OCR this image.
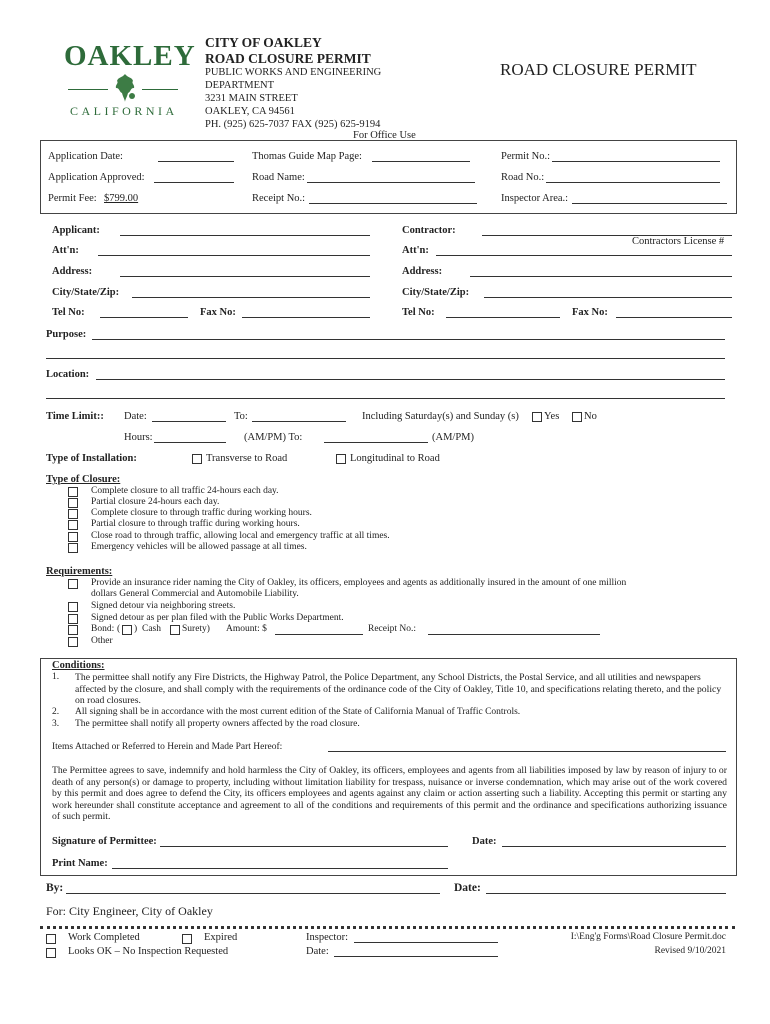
OAKLEY
CALIFORNIA
CITY OF OAKLEY
ROAD CLOSURE PERMIT
PUBLIC WORKS AND ENGINEERING
DEPARTMENT
3231 MAIN STREET
OAKLEY, CA 94561
PH. (925) 625-7037 FAX (925) 625-9194
ROAD CLOSURE PERMIT
For Office Use
Application Date:	Thomas Guide Map Page:	Permit No.:
Application Approved:	Road Name:	Road No.:
Permit Fee: $799.00	Receipt No.:	Inspector Area.:
Applicant:
Att'n:
Address:
City/State/Zip:
Tel No:	Fax No:
Contractor:
Contractors License #
Att'n:
Address:
City/State/Zip:
Tel No:	Fax No:
Purpose:
Location:
Time Limit:: Date:	To:	Including Saturday(s) and Sunday (s) Yes No
Hours:	(AM/PM) To:	(AM/PM)
Type of Installation:	Transverse to Road	Longitudinal to Road
Type of Closure:
Complete closure to all traffic 24-hours each day.
Partial closure 24-hours each day.
Complete closure to through traffic during working hours.
Partial closure to through traffic during working hours.
Close road to through traffic, allowing local and emergency traffic at all times.
Emergency vehicles will be allowed passage at all times.
Requirements:
Provide an insurance rider naming the City of Oakley, its officers, employees and agents as additionally insured in the amount of one million
dollars General Commercial and Automobile Liability.
Signed detour via neighboring streets.
Signed detour as per plan filed with the Public Works Department.
Bond: ( ) Cash Surety) Amount: $	Receipt No.:
Other
Conditions:
1. The permittee shall notify any Fire Districts, the Highway Patrol, the Police Department, any School Districts, the Postal Service, and all utilities and newspapers affected by the closure, and shall comply with the requirements of the ordinance code of the City of Oakley, Title 10, and specifications relating thereto, and the policy on road closures.
2. All signing shall be in accordance with the most current edition of the State of California Manual of Traffic Controls.
3. The permittee shall notify all property owners affected by the road closure.
Items Attached or Referred to Herein and Made Part Hereof:
The Permittee agrees to save, indemnify and hold harmless the City of Oakley, its officers, employees and agents from all liabilities imposed by law by reason of injury to or death of any person(s) or damage to property, including without limitation liability for trespass, nuisance or inverse condemnation, which may arise out of the work covered by this permit and does agree to defend the City, its officers employees and agents against any claim or action asserting such a liability. Accepting this permit or starting any work hereunder shall constitute acceptance and agreement to all of the conditions and requirements of this permit and the ordinance and specifications authorizing issuance of such permit.
Signature of Permittee:	Date:
Print Name:
By:	Date:
For: City Engineer, City of Oakley
Work Completed	Expired
Looks OK – No Inspection Requested
Inspector:
Date:
I:\Eng'g Forms\Road Closure Permit.doc
Revised 9/10/2021
